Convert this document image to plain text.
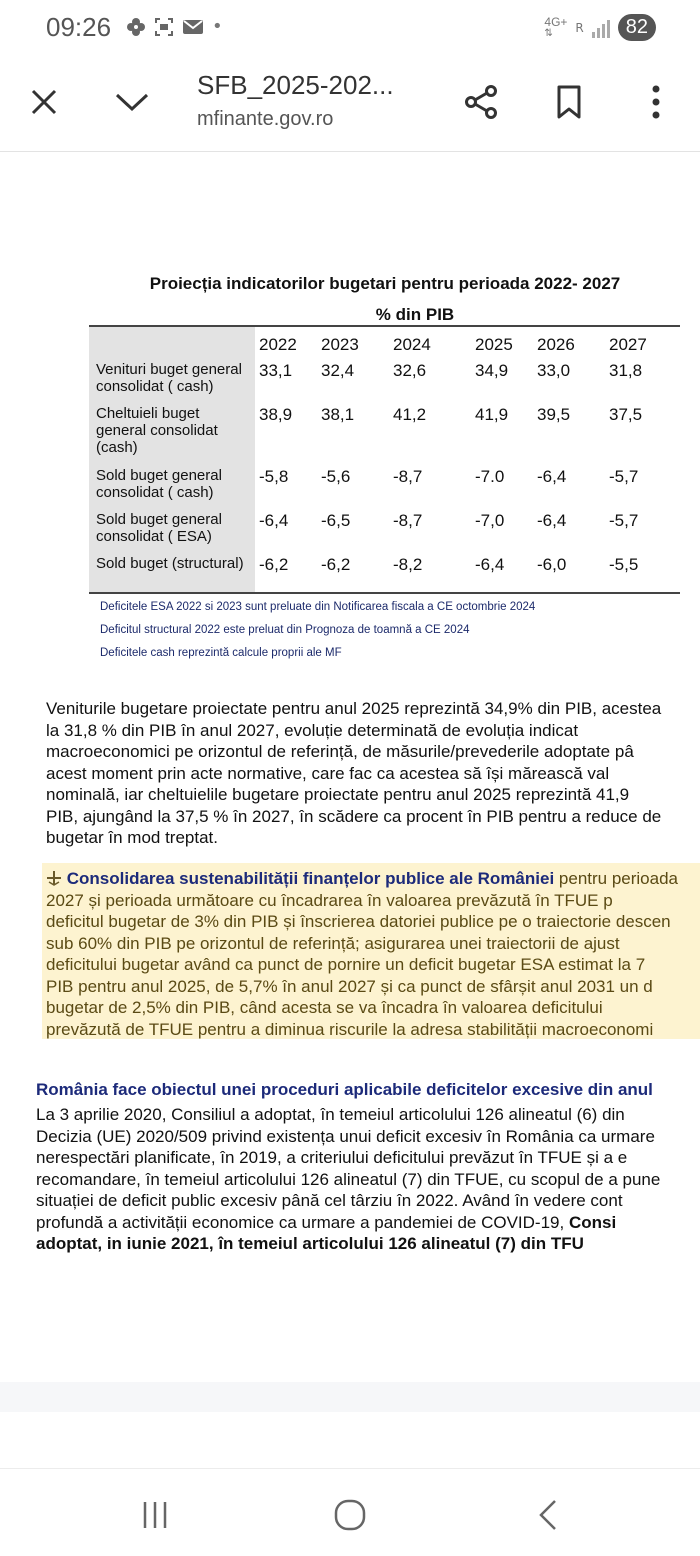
09:26	•	4G+
⇅	R	82
SFB_2025-202...
mfinante.gov.ro
Proiecția indicatorilor bugetari pentru perioada 2022- 2027
% din PIB
	2022	2023	2024	2025	2026	2027
Venituri buget general consolidat ( cash)	33,1	32,4	32,6	34,9	33,0	31,8
Cheltuieli buget general consolidat (cash)	38,9	38,1	41,2	41,9	39,5	37,5
Sold buget general consolidat ( cash)	-5,8	-5,6	-8,7	-7.0	-6,4	-5,7
Sold buget general consolidat ( ESA)	-6,4	-6,5	-8,7	-7,0	-6,4	-5,7
Sold buget (structural)	-6,2	-6,2	-8,2	-6,4	-6,0	-5,5
Deficitele ESA 2022 si 2023 sunt preluate din Notificarea fiscala a CE octombrie 2024
Deficitul structural 2022 este preluat din Prognoza de toamnă a CE 2024
Deficitele cash reprezintă calcule proprii ale MF
Veniturile bugetare proiectate pentru anul 2025 reprezintă 34,9% din PIB, acestea
la 31,8 % din PIB în anul 2027, evoluție determinată de evoluția indicat
macroeconomici pe orizontul de referință, de măsurile/prevederile adoptate pâ
acest moment prin acte normative, care fac ca acestea să își mărească val
nominală, iar cheltuielile bugetare proiectate pentru anul 2025 reprezintă 41,9
PIB, ajungând la 37,5 % în 2027, în scădere ca procent în PIB pentru a reduce de
bugetar în mod treptat.
Consolidarea sustenabilității finanțelor publice ale României pentru perioada
2027 și perioada următoare cu încadrarea în valoarea prevăzută în TFUE p
deficitul bugetar de 3% din PIB și înscrierea datoriei publice pe o traiectorie descen
sub 60% din PIB pe orizontul de referință; asigurarea unei traiectorii de ajust
deficitului bugetar având ca punct de pornire un deficit bugetar ESA estimat la 7
PIB pentru anul 2025, de 5,7% în anul 2027 și ca punct de sfârșit anul 2031 un d
bugetar de 2,5% din PIB, când acesta se va încadra în valoarea deficitului
prevăzută de TFUE pentru a diminua riscurile la adresa stabilității macroeconomi
România face obiectul unei proceduri aplicabile deficitelor excesive din anul
La 3 aprilie 2020, Consiliul a adoptat, în temeiul articolului 126 alineatul (6) din
Decizia (UE) 2020/509 privind existența unui deficit excesiv în România ca urmare
nerespectări planificate, în 2019, a criteriului deficitului prevăzut în TFUE și a e
recomandare, în temeiul articolului 126 alineatul (7) din TFUE, cu scopul de a pune
situației de deficit public excesiv până cel târziu în 2022. Având în vedere cont
profundă a activității economice ca urmare a pandemiei de COVID-19, Consi
adoptat, in iunie 2021, în temeiul articolului 126 alineatul (7) din TFU
